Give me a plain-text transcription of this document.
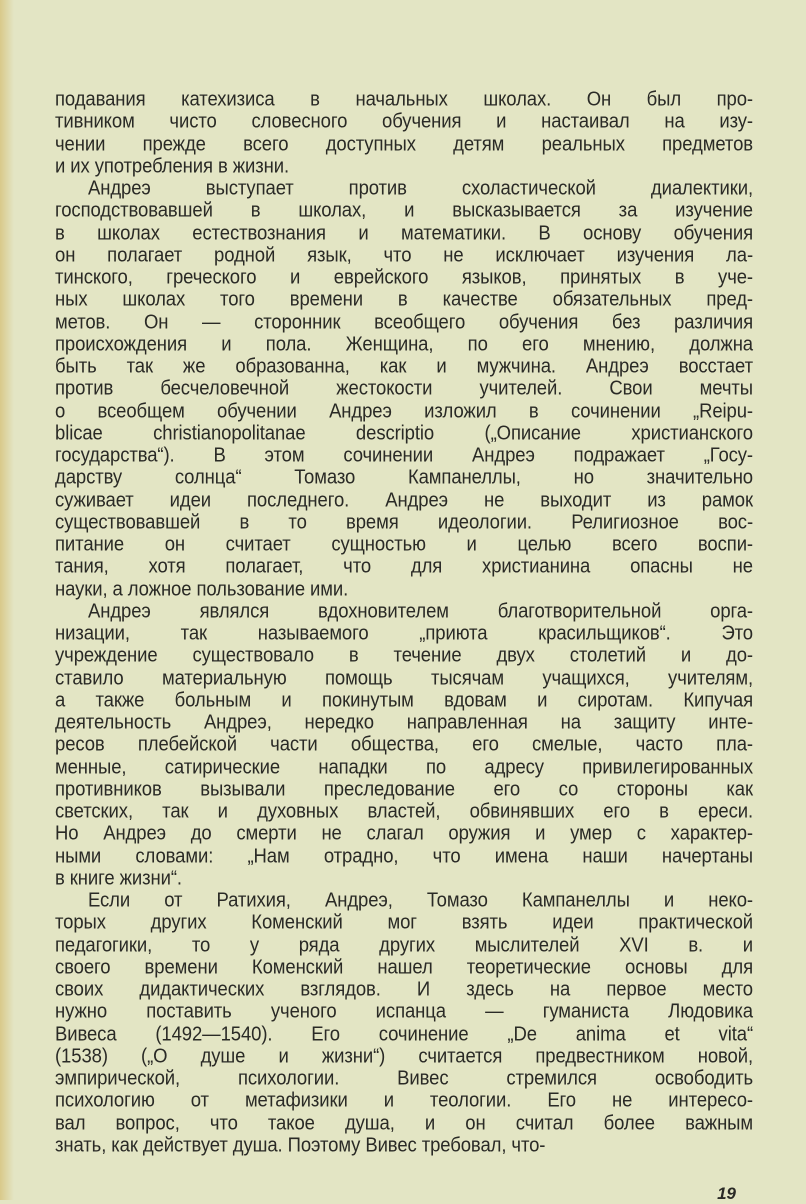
подавания катехизиса в начальных школах. Он был про-
тивником чисто словесного обучения и настаивал на изу-
чении прежде всего доступных детям реальных предметов
и их употребления в жизни.
Андреэ выступает против схоластической диалектики,
господствовавшей в школах, и высказывается за изучение
в школах естествознания и математики. В основу обучения
он полагает родной язык, что не исключает изучения ла-
тинского, греческого и еврейского языков, принятых в уче-
ных школах того времени в качестве обязательных пред-
метов. Он — сторонник всеобщего обучения без различия
происхождения и пола. Женщина, по его мнению, должна
быть так же образованна, как и мужчина. Андреэ восстает
против бесчеловечной жестокости учителей. Свои мечты
о всеобщем обучении Андреэ изложил в сочинении „Reipu-
blicae christianopolitanae descriptio („Описание христианского
государства“). В этом сочинении Андреэ подражает „Госу-
дарству солнца“ Томазо Кампанеллы, но значительно
суживает идеи последнего. Андреэ не выходит из рамок
существовавшей в то время идеологии. Религиозное вос-
питание он считает сущностью и целью всего воспи-
тания, хотя полагает, что для христианина опасны не
науки, а ложное пользование ими.
Андреэ являлся вдохновителем благотворительной орга-
низации, так называемого „приюта красильщиков“. Это
учреждение существовало в течение двух столетий и до-
ставило материальную помощь тысячам учащихся, учителям,
а также больным и покинутым вдовам и сиротам. Кипучая
деятельность Андреэ, нередко направленная на защиту инте-
ресов плебейской части общества, его смелые, часто пла-
менные, сатирические нападки по адресу привилегированных
противников вызывали преследование его со стороны как
светских, так и духовных властей, обвинявших его в ереси.
Но Андреэ до смерти не слагал оружия и умер с характер-
ными словами: „Нам отрадно, что имена наши начертаны
в книге жизни“.
Если от Ратихия, Андреэ, Томазо Кампанеллы и неко-
торых других Коменский мог взять идеи практической
педагогики, то у ряда других мыслителей XVI в. и
своего времени Коменский нашел теоретические основы для
своих дидактических взглядов. И здесь на первое место
нужно поставить ученого испанца — гуманиста Людовика
Вивеса (1492—1540). Его сочинение „De anima et vita“
(1538) („О душе и жизни“) считается предвестником новой,
эмпирической, психологии. Вивес стремился освободить
психологию от метафизики и теологии. Его не интересо-
вал вопрос, что такое душа, и он считал более важным
знать, как действует душа. Поэтому Вивес требовал, что-
19
